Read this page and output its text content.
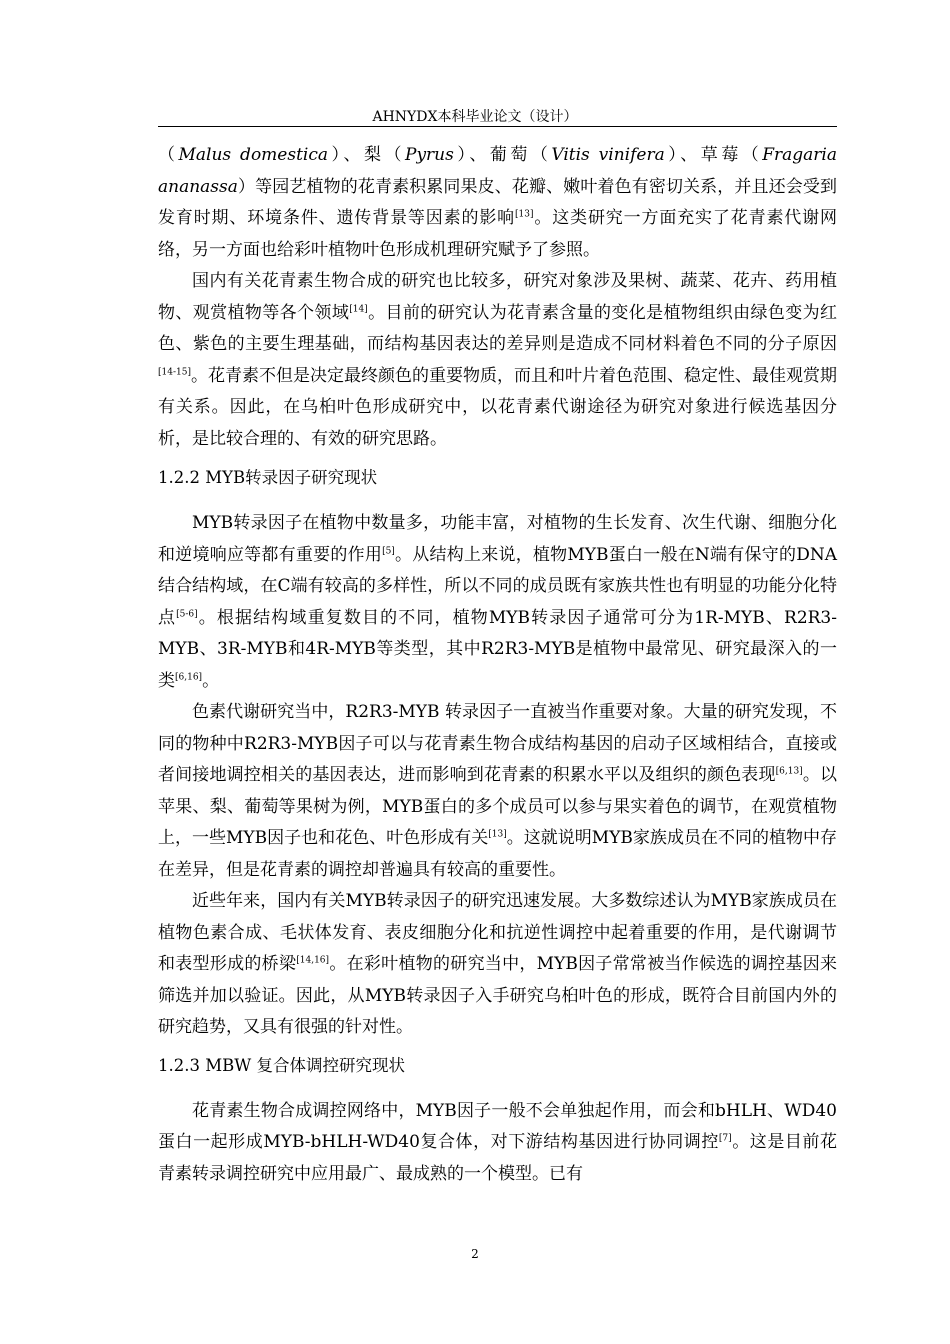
AHNYDX本科毕业论文（设计）

（Malus domestica）、梨（Pyrus）、葡萄（Vitis vinifera）、草莓（Fragaria ananassa）等园艺植物的花青素积累同果皮、花瓣、嫩叶着色有密切关系，并且还会受到发育时期、环境条件、遗传背景等因素的影响[13]。这类研究一方面充实了花青素代谢网络，另一方面也给彩叶植物叶色形成机理研究赋予了参照。

国内有关花青素生物合成的研究也比较多，研究对象涉及果树、蔬菜、花卉、药用植物、观赏植物等各个领域[14]。目前的研究认为花青素含量的变化是植物组织由绿色变为红色、紫色的主要生理基础，而结构基因表达的差异则是造成不同材料着色不同的分子原因[14-15]。花青素不但是决定最终颜色的重要物质，而且和叶片着色范围、稳定性、最佳观赏期有关系。因此，在乌桕叶色形成研究中，以花青素代谢途径为研究对象进行候选基因分析，是比较合理的、有效的研究思路。

1.2.2 MYB转录因子研究现状

MYB转录因子在植物中数量多，功能丰富，对植物的生长发育、次生代谢、细胞分化和逆境响应等都有重要的作用[5]。从结构上来说，植物MYB蛋白一般在N端有保守的DNA结合结构域，在C端有较高的多样性，所以不同的成员既有家族共性也有明显的功能分化特点[5-6]。根据结构域重复数目的不同，植物MYB转录因子通常可分为1R-MYB、R2R3-MYB、3R-MYB和4R-MYB等类型，其中R2R3-MYB是植物中最常见、研究最深入的一类[6,16]。

色素代谢研究当中，R2R3-MYB 转录因子一直被当作重要对象。大量的研究发现，不同的物种中R2R3-MYB因子可以与花青素生物合成结构基因的启动子区域相结合，直接或者间接地调控相关的基因表达，进而影响到花青素的积累水平以及组织的颜色表现[6,13]。以苹果、梨、葡萄等果树为例，MYB蛋白的多个成员可以参与果实着色的调节，在观赏植物上，一些MYB因子也和花色、叶色形成有关[13]。这就说明MYB家族成员在不同的植物中存在差异，但是花青素的调控却普遍具有较高的重要性。

近些年来，国内有关MYB转录因子的研究迅速发展。大多数综述认为MYB家族成员在植物色素合成、毛状体发育、表皮细胞分化和抗逆性调控中起着重要的作用，是代谢调节和表型形成的桥梁[14,16]。在彩叶植物的研究当中，MYB因子常常被当作候选的调控基因来筛选并加以验证。因此，从MYB转录因子入手研究乌桕叶色的形成，既符合目前国内外的研究趋势，又具有很强的针对性。

1.2.3 MBW 复合体调控研究现状

花青素生物合成调控网络中，MYB因子一般不会单独起作用，而会和bHLH、WD40蛋白一起形成MYB-bHLH-WD40复合体，对下游结构基因进行协同调控[7]。这是目前花青素转录调控研究中应用最广、最成熟的一个模型。已有

2
